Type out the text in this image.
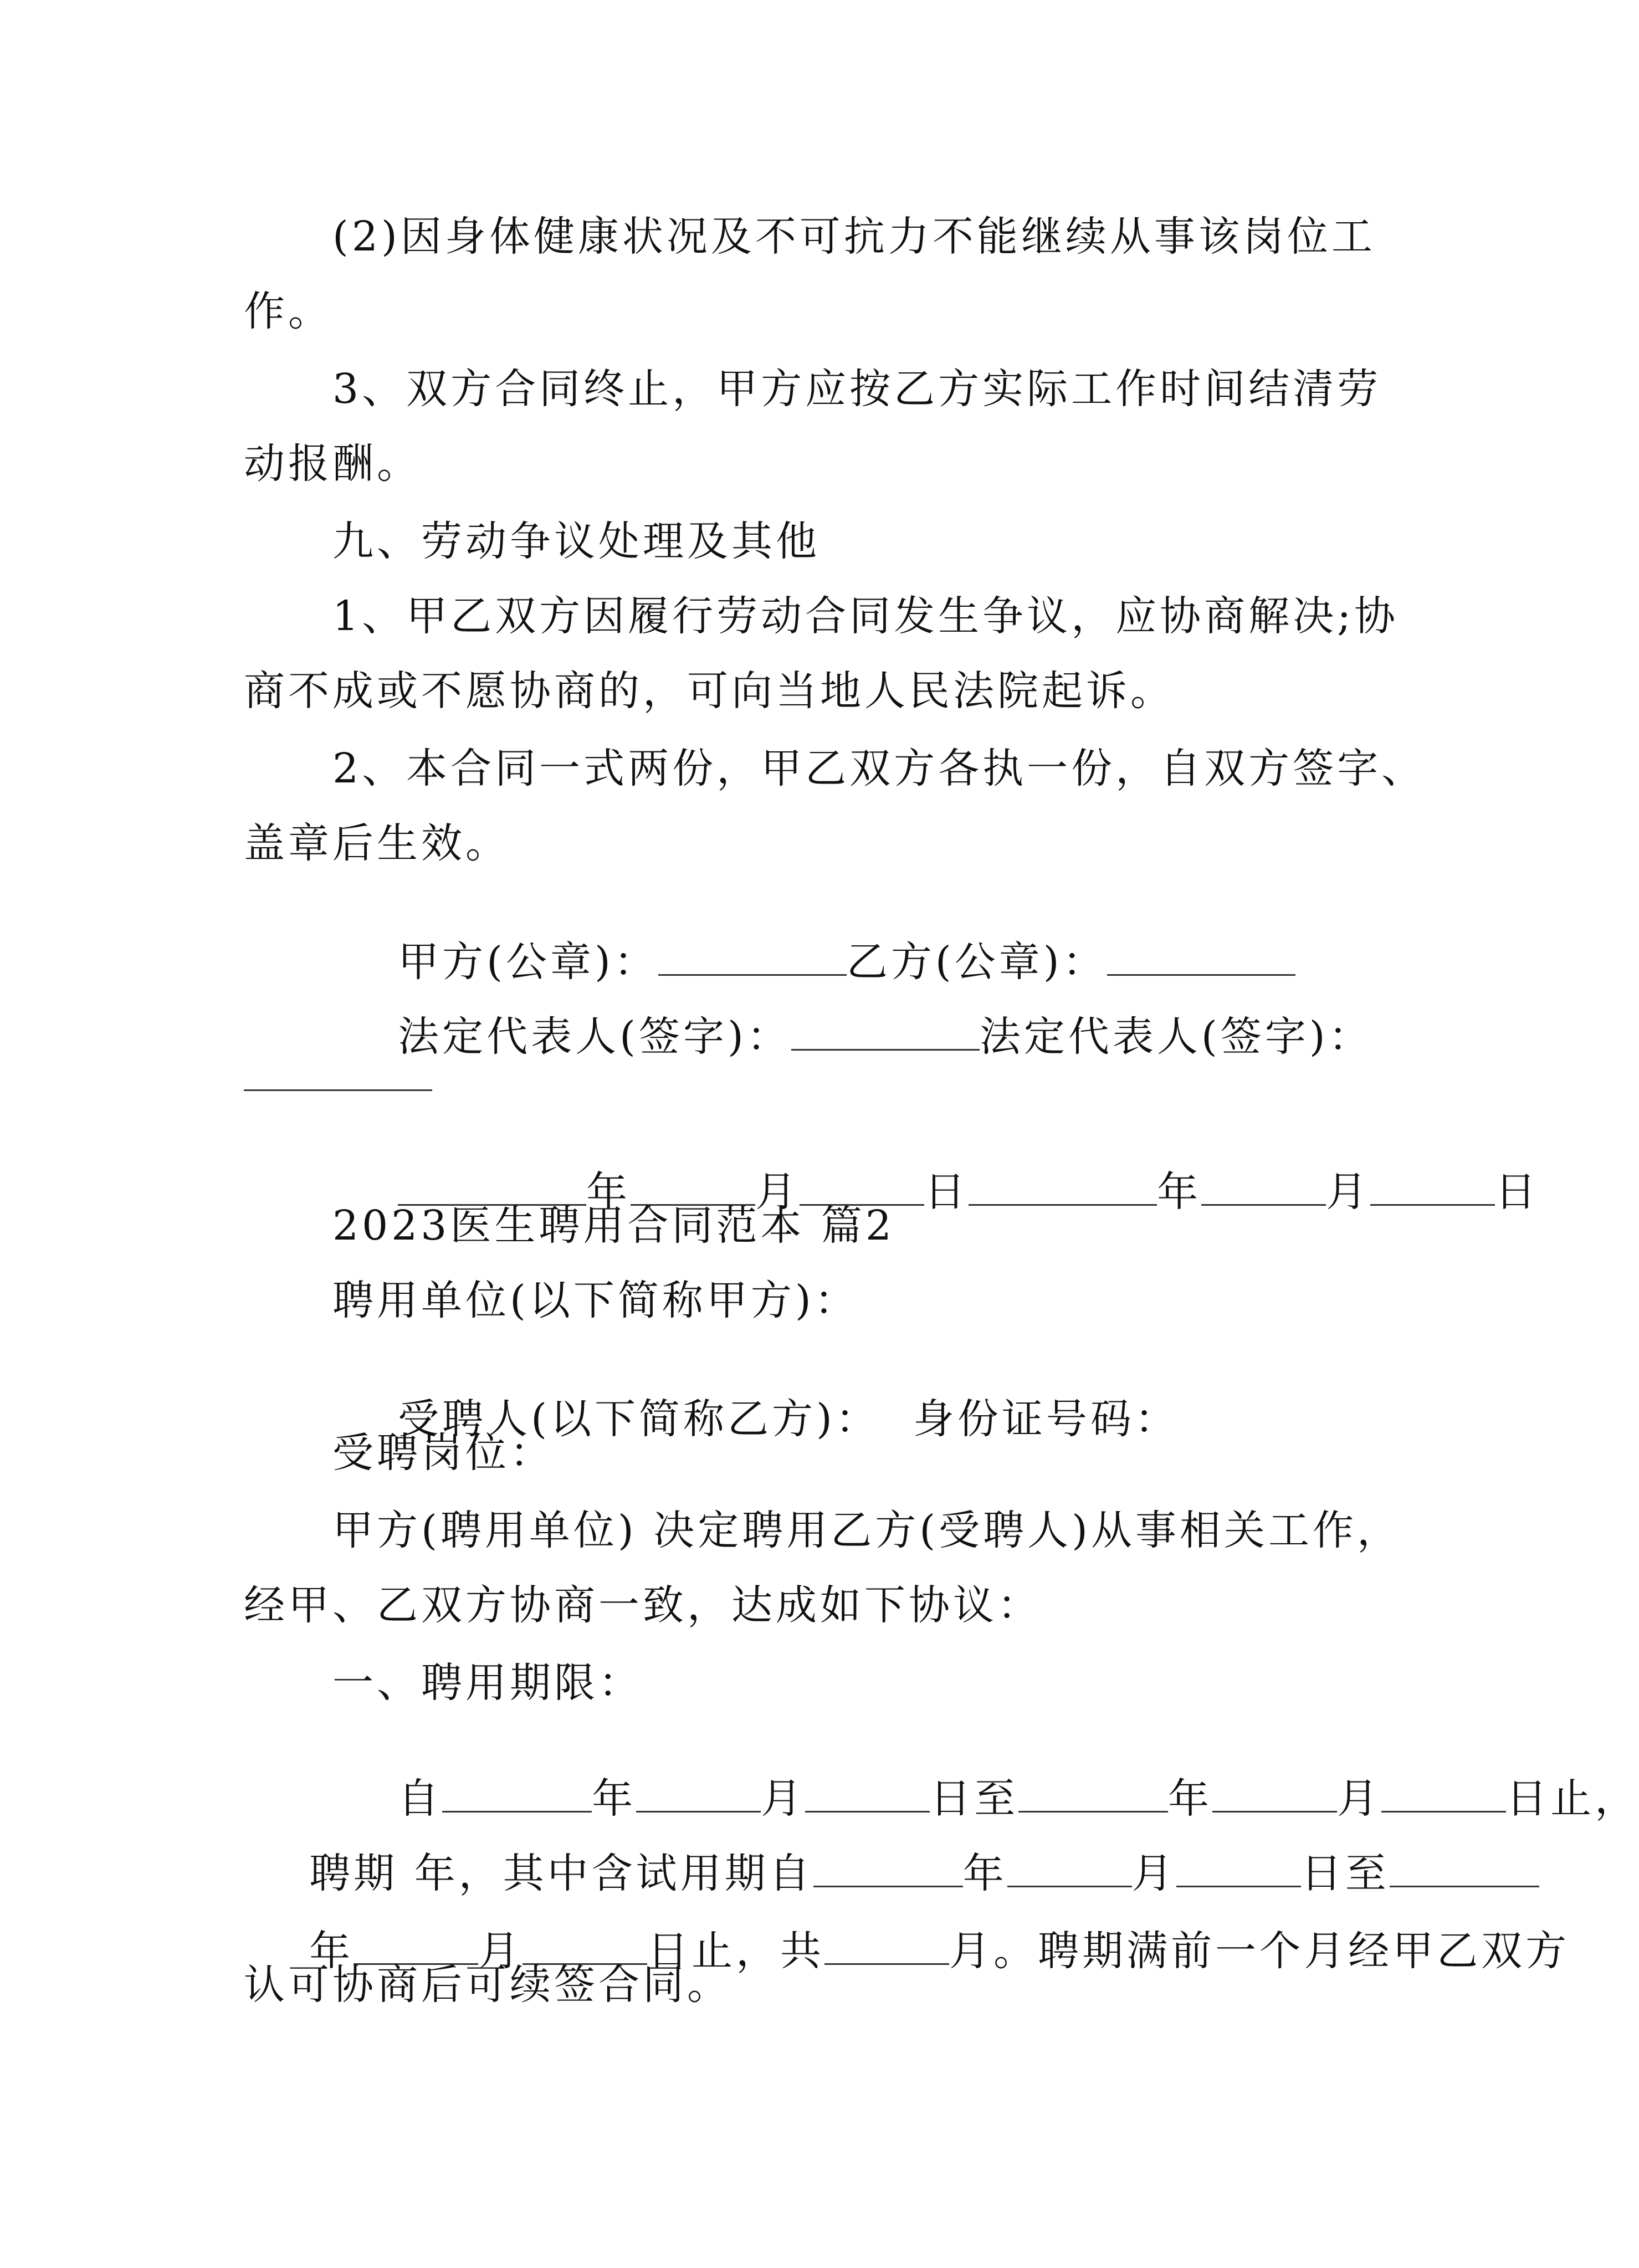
(2)因身体健康状况及不可抗力不能继续从事该岗位工
作。
3、双方合同终止，甲方应按乙方实际工作时间结清劳
动报酬。
九、劳动争议处理及其他
1、甲乙双方因履行劳动合同发生争议，应协商解决;协
商不成或不愿协商的，可向当地人民法院起诉。
2、本合同一式两份，甲乙双方各执一份，自双方签字、
盖章后生效。

甲方(公章)：	乙方(公章)：

法定代表人(签字)：	法定代表人(签字)：

年	月	日	年	月	日

2023医生聘用合同范本 篇2
聘用单位(以下简称甲方)：

受聘人(以下简称乙方)： 身份证号码：

受聘岗位：
甲方(聘用单位) 决定聘用乙方(受聘人)从事相关工作，
经甲、乙双方协商一致，达成如下协议：
一、聘用期限：

自	年	月	日至	年	月	日止，

聘期 年，其中含试用期自	年	月	日至

年	月	日止，共	月。聘期满前一个月经甲乙双方

认可协商后可续签合同。
